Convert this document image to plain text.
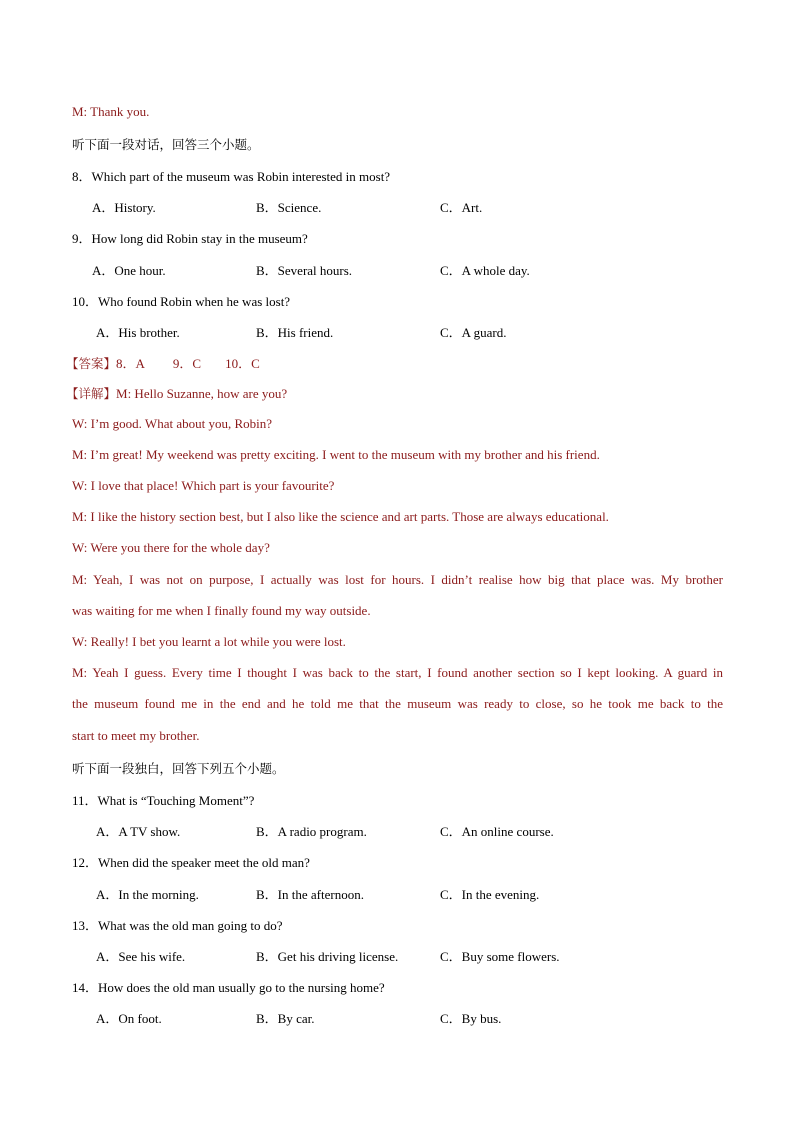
M: Thank you.
听下面一段对话，回答三个小题。
8．Which part of the museum was Robin interested in most?
A．History.	B．Science.	C．Art.
9．How long did Robin stay in the museum?
A．One hour.	B．Several hours.	C．A whole day.
10．Who found Robin when he was lost?
A．His brother.	B．His friend.	C．A guard.
【答案】8．A 9．C 10．C
【详解】M: Hello Suzanne, how are you?
W: I’m good. What about you, Robin?
M: I’m great! My weekend was pretty exciting. I went to the museum with my brother and his friend.
W: I love that place! Which part is your favourite?
M: I like the history section best, but I also like the science and art parts. Those are always educational.
W: Were you there for the whole day?
M: Yeah, I was not on purpose, I actually was lost for hours. I didn’t realise how big that place was. My brother
was waiting for me when I finally found my way outside.
W: Really! I bet you learnt a lot while you were lost.
M: Yeah I guess. Every time I thought I was back to the start, I found another section so I kept looking. A guard in
the museum found me in the end and he told me that the museum was ready to close, so he took me back to the
start to meet my brother.
听下面一段独白，回答下列五个小题。
11．What is “Touching Moment”?
A．A TV show.	B．A radio program.	C．An online course.
12．When did the speaker meet the old man?
A．In the morning.	B．In the afternoon.	C．In the evening.
13．What was the old man going to do?
A．See his wife.	B．Get his driving license.	C．Buy some flowers.
14．How does the old man usually go to the nursing home?
A．On foot.	B．By car.	C．By bus.
